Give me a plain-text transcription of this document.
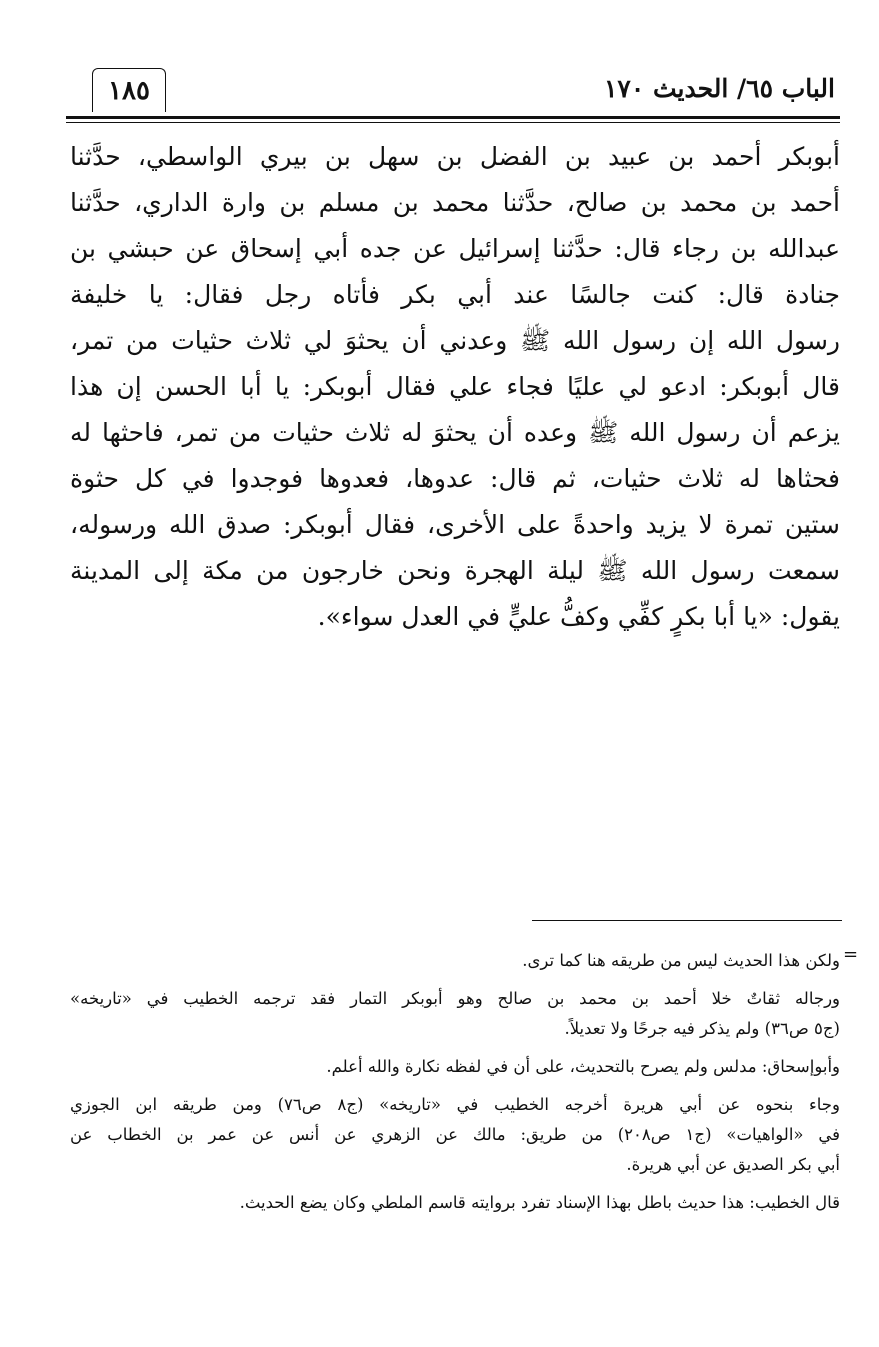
الباب ٦٥/ الحديث ١٧٠
١٨٥
أبوبكر أحمد بن عبيد بن الفضل بن سهل بن بيري الواسطي، حدَّثنا
أحمد بن محمد بن صالح، حدَّثنا محمد بن مسلم بن وارة الداري، حدَّثنا
عبدالله بن رجاء قال: حدَّثنا إسرائيل عن جده أبي إسحاق عن حبشي بن
جنادة قال: كنت جالسًا عند أبي بكر فأتاه رجل فقال: يا خليفة
رسول الله إن رسول الله ﷺ وعدني أن يحثوَ لي ثلاث حثيات من تمر،
قال أبوبكر: ادعو لي عليًا فجاء علي فقال أبوبكر: يا أبا الحسن إن هذا
يزعم أن رسول الله ﷺ وعده أن يحثوَ له ثلاث حثيات من تمر، فاحثها له
فحثاها له ثلاث حثيات، ثم قال: عدوها، فعدوها فوجدوا في كل حثوة
ستين تمرة لا يزيد واحدةً على الأخرى، فقال أبوبكر: صدق الله ورسوله،
سمعت رسول الله ﷺ ليلة الهجرة ونحن خارجون من مكة إلى المدينة
يقول: «يا أبا بكرٍ كفِّي وكفُّ عليٍّ في العدل سواء».
=
ولكن هذا الحديث ليس من طريقه هنا كما ترى.
ورجاله ثقاتٌ خلا أحمد بن محمد بن صالح وهو أبوبكر التمار فقد ترجمه الخطيب في «تاريخه»
(ج٥ ص٣٦) ولم يذكر فيه جرحًا ولا تعديلاً.
وأبوإسحاق: مدلس ولم يصرح بالتحديث، على أن في لفظه نكارة والله أعلم.
وجاء بنحوه عن أبي هريرة أخرجه الخطيب في «تاريخه» (ج٨ ص٧٦) ومن طريقه ابن الجوزي
في «الواهيات» (ج١ ص٢٠٨) من طريق: مالك عن الزهري عن أنس عن عمر بن الخطاب عن
أبي بكر الصديق عن أبي هريرة.
قال الخطيب: هذا حديث باطل بهذا الإسناد تفرد بروايته قاسم الملطي وكان يضع الحديث.
